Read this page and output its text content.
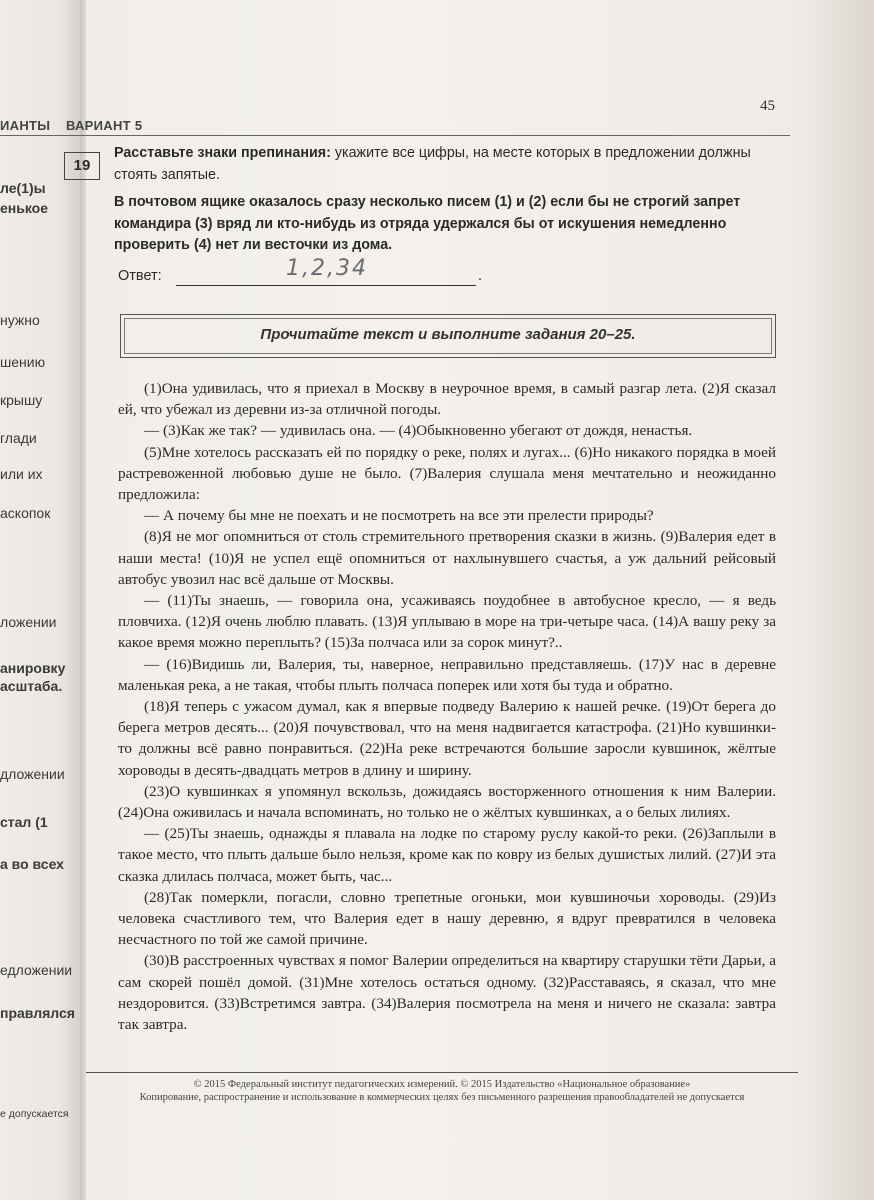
ле(1)ы
енькое
нужно
шению
крышу
глади
или их
аскопок
ложении
анировку
асштаба.
дложении
стал (1
а во всех
едложении
правлялся
е допускается
ИАНТЫ ВАРИАНТ 5
45
19

Расставьте знаки препинания: укажите все цифры, на месте которых в предложении должны стоять запятые.

В почтовом ящике оказалось сразу несколько писем (1) и (2) если бы не строгий запрет командира (3) вряд ли кто-нибудь из отряда удержался бы от искушения немедленно проверить (4) нет ли весточки из дома.

Ответ:	1,2,34	.
Прочитайте текст и выполните задания 20–25.

(1)Она удивилась, что я приехал в Москву в неурочное время, в самый разгар лета. (2)Я сказал ей, что убежал из деревни из-за отличной погоды.

— (3)Как же так? — удивилась она. — (4)Обыкновенно убегают от дождя, ненастья.

(5)Мне хотелось рассказать ей по порядку о реке, полях и лугах... (6)Но никакого порядка в моей растревоженной любовью душе не было. (7)Валерия слушала меня мечтательно и неожиданно предложила:

— А почему бы мне не поехать и не посмотреть на все эти прелести природы?

(8)Я не мог опомниться от столь стремительного претворения сказки в жизнь. (9)Валерия едет в наши места! (10)Я не успел ещё опомниться от нахлынувшего счастья, а уж дальний рейсовый автобус увозил нас всё дальше от Москвы.

— (11)Ты знаешь, — говорила она, усаживаясь поудобнее в автобусное кресло, — я ведь пловчиха. (12)Я очень люблю плавать. (13)Я уплываю в море на три-четыре часа. (14)А вашу реку за какое время можно переплыть? (15)За полчаса или за сорок минут?..

— (16)Видишь ли, Валерия, ты, наверное, неправильно представляешь. (17)У нас в деревне маленькая река, а не такая, чтобы плыть полчаса поперек или хотя бы туда и обратно.

(18)Я теперь с ужасом думал, как я впервые подведу Валерию к нашей речке. (19)От берега до берега метров десять... (20)Я почувствовал, что на меня надвигается катастрофа. (21)Но кувшинки-то должны всё равно понравиться. (22)На реке встречаются большие заросли кувшинок, жёлтые хороводы в десять-двадцать метров в длину и ширину.

(23)О кувшинках я упомянул вскользь, дожидаясь восторженного отношения к ним Валерии. (24)Она оживилась и начала вспоминать, но только не о жёлтых кувшинках, а о белых лилиях.

— (25)Ты знаешь, однажды я плавала на лодке по старому руслу какой-то реки. (26)Заплыли в такое место, что плыть дальше было нельзя, кроме как по ковру из белых душистых лилий. (27)И эта сказка длилась полчаса, может быть, час...

(28)Так померкли, погасли, словно трепетные огоньки, мои кувшиночьи хороводы. (29)Из человека счастливого тем, что Валерия едет в нашу деревню, я вдруг превратился в человека несчастного по той же самой причине.

(30)В расстроенных чувствах я помог Валерии определиться на квартиру старушки тёти Дарьи, а сам скорей пошёл домой. (31)Мне хотелось остаться одному. (32)Расставаясь, я сказал, что мне нездоровится. (33)Встретимся завтра. (34)Валерия посмотрела на меня и ничего не сказала: завтра так завтра.

© 2015 Федеральный институт педагогических измерений. © 2015 Издательство «Национальное образование»
Копирование, распространение и использование в коммерческих целях без письменного разрешения правообладателей не допускается
